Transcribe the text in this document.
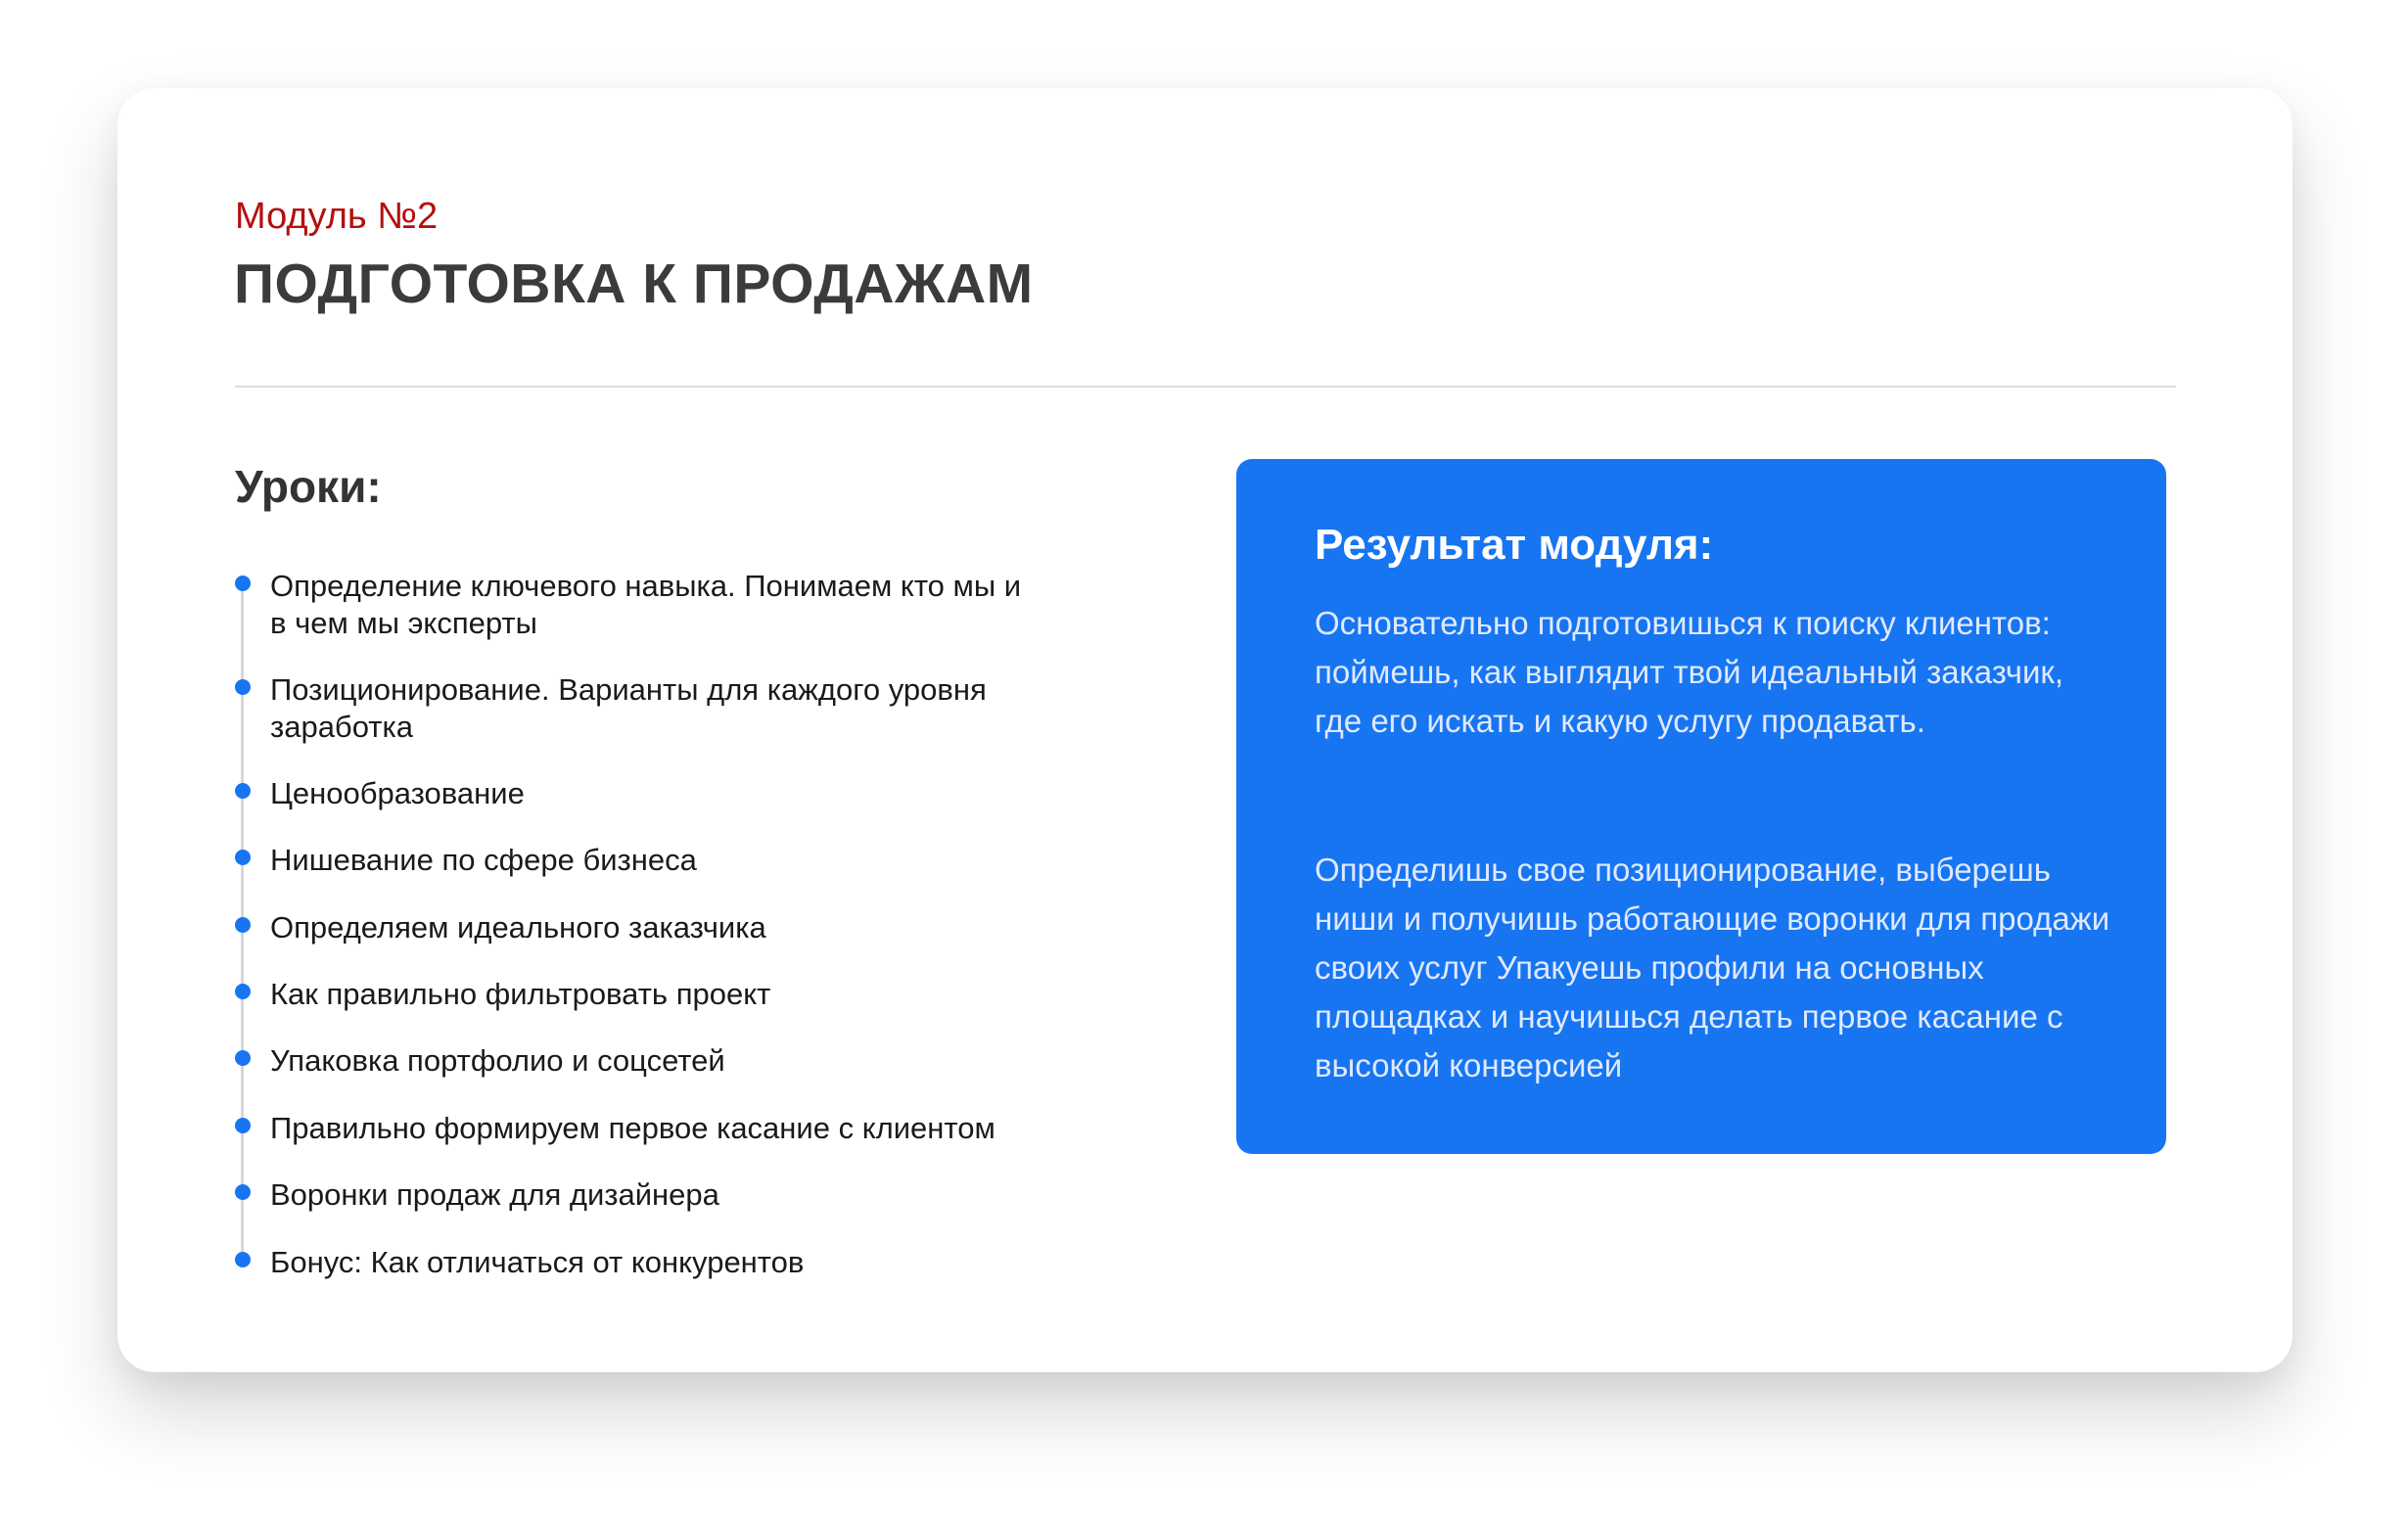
Модуль №2
ПОДГОТОВКА К ПРОДАЖАМ
Уроки:
Определение ключевого навыка. Понимаем кто мы и в чем мы эксперты
Позиционирование. Варианты для каждого уровня заработка
Ценообразование
Нишевание по сфере бизнеса
Определяем идеального заказчика
Как правильно фильтровать проект
Упаковка портфолио и соцсетей
Правильно формируем первое касание с клиентом
Воронки продаж для дизайнера
Бонус: Как отличаться от конкурентов
Результат модуля:
Основательно подготовишься к поиску клиентов: поймешь, как выглядит твой идеальный заказчик, где его искать и какую услугу продавать.
Определишь свое позиционирование, выберешь ниши и получишь работающие воронки для продажи своих услуг Упакуешь профили на основных площадках и научишься делать первое касание с высокой конверсией
